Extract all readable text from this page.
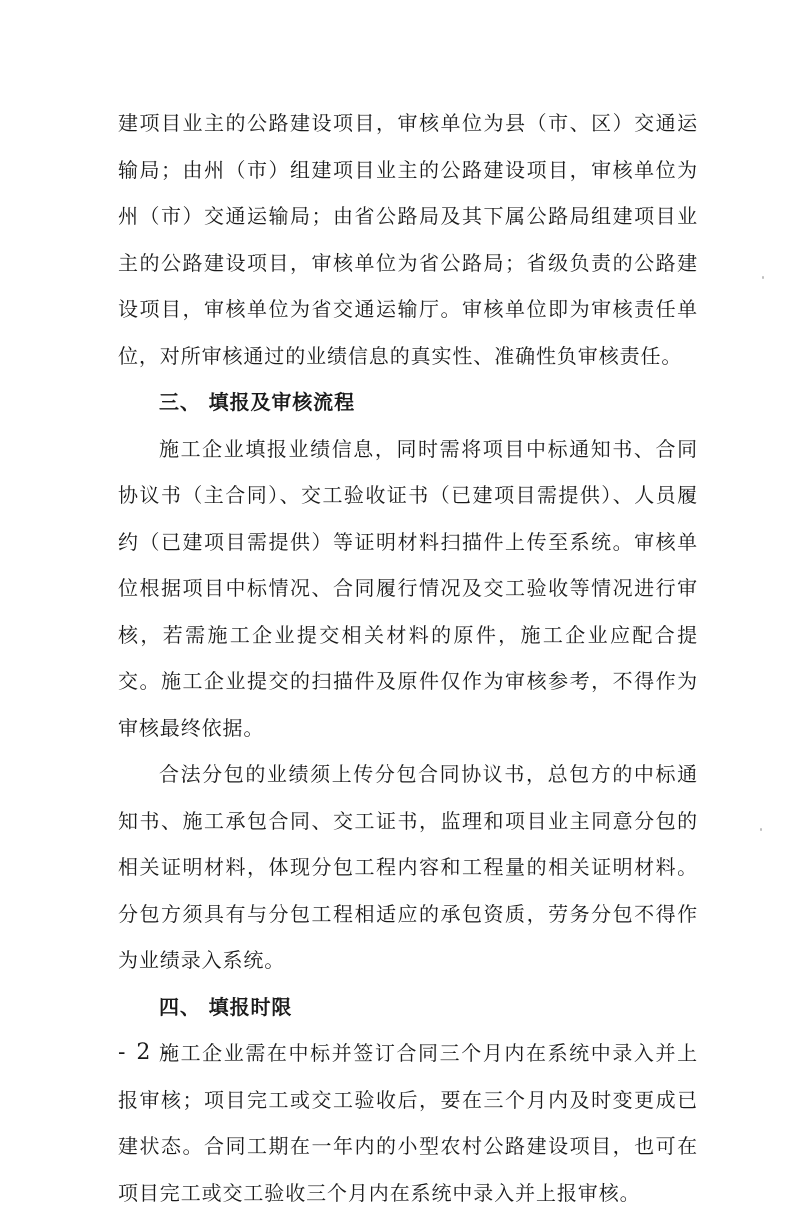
建项目业主的公路建设项目，审核单位为县（市、区）交通运输局；由州（市）组建项目业主的公路建设项目，审核单位为州（市）交通运输局；由省公路局及其下属公路局组建项目业主的公路建设项目，审核单位为省公路局；省级负责的公路建设项目，审核单位为省交通运输厅。审核单位即为审核责任单位，对所审核通过的业绩信息的真实性、准确性负审核责任。

三、 填报及审核流程

施工企业填报业绩信息，同时需将项目中标通知书、合同协议书（主合同）、交工验收证书（已建项目需提供）、人员履约（已建项目需提供）等证明材料扫描件上传至系统。审核单位根据项目中标情况、合同履行情况及交工验收等情况进行审核，若需施工企业提交相关材料的原件，施工企业应配合提交。施工企业提交的扫描件及原件仅作为审核参考，不得作为审核最终依据。

合法分包的业绩须上传分包合同协议书，总包方的中标通知书、施工承包合同、交工证书，监理和项目业主同意分包的相关证明材料，体现分包工程内容和工程量的相关证明材料。分包方须具有与分包工程相适应的承包资质，劳务分包不得作为业绩录入系统。

四、 填报时限

施工企业需在中标并签订合同三个月内在系统中录入并上报审核；项目完工或交工验收后，要在三个月内及时变更成已建状态。合同工期在一年内的小型农村公路建设项目，也可在项目完工或交工验收三个月内在系统中录入并上报审核。

- 2 -
